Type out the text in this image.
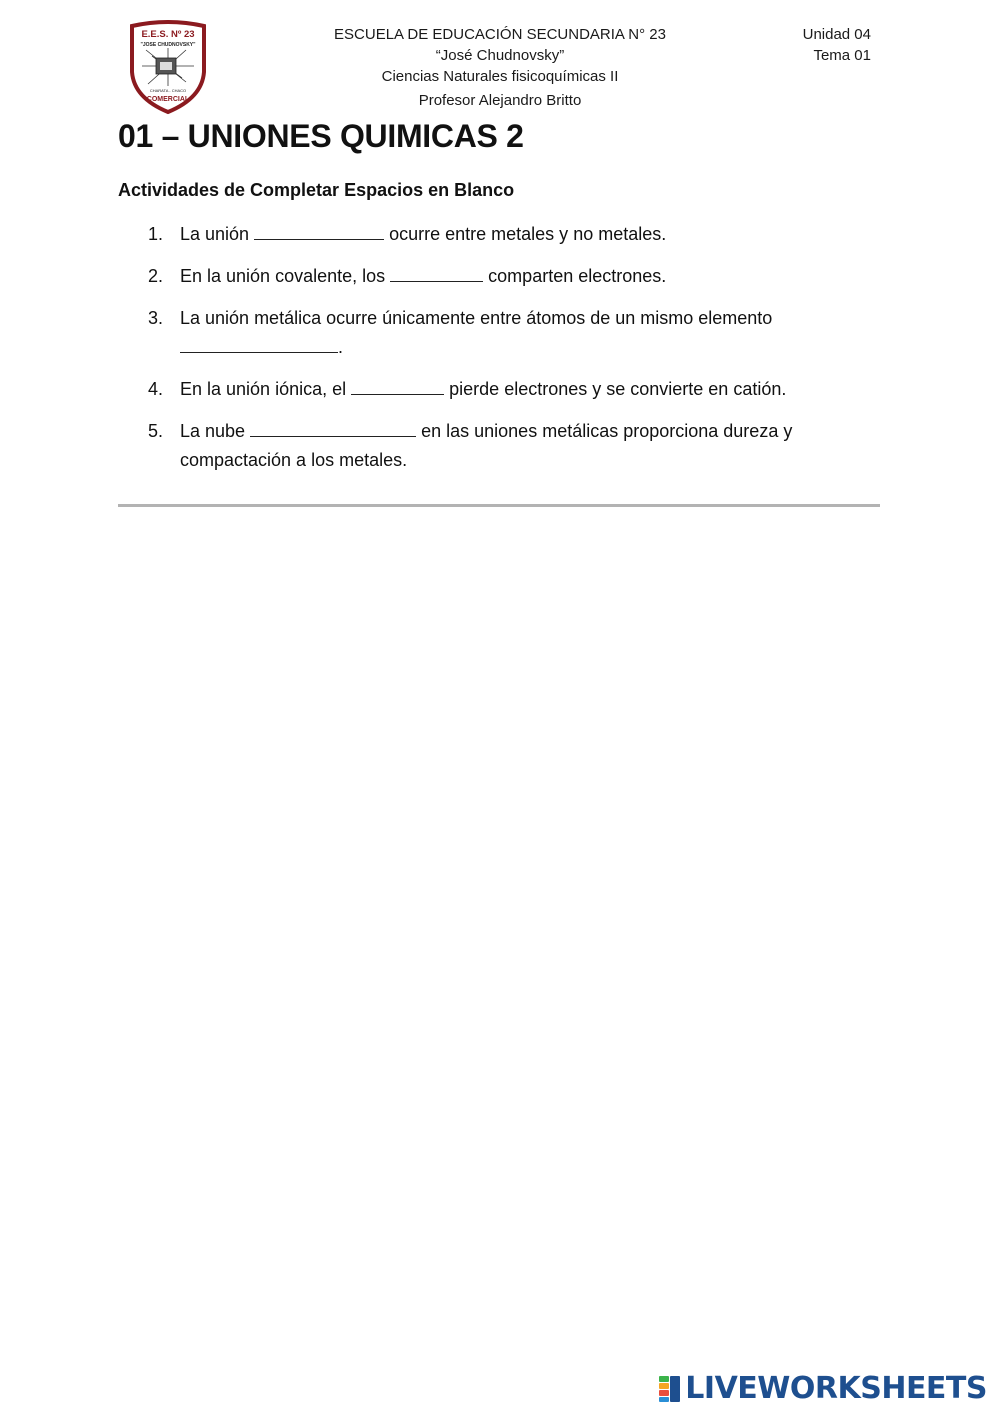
E.E.S. Nº 23
"JOSE CHUDNOVSKY"
CHARATA - CHACO
COMERCIAL
ESCUELA DE EDUCACIÓN SECUNDARIA N° 23
“José Chudnovsky”
Ciencias Naturales fisicoquímicas II
Profesor Alejandro Britto
Unidad 04
Tema 01
01 – UNIONES QUIMICAS 2
Actividades de Completar Espacios en Blanco
1. La unión	ocurre entre metales y no metales.
2. En la unión covalente, los	comparten electrones.
3. La unión metálica ocurre únicamente entre átomos de un mismo elemento .
4. En la unión iónica, el	pierde electrones y se convierte en catión.
5. La nube	en las uniones metálicas proporciona dureza y compactación a los metales.
LIVEWORKSHEETS
